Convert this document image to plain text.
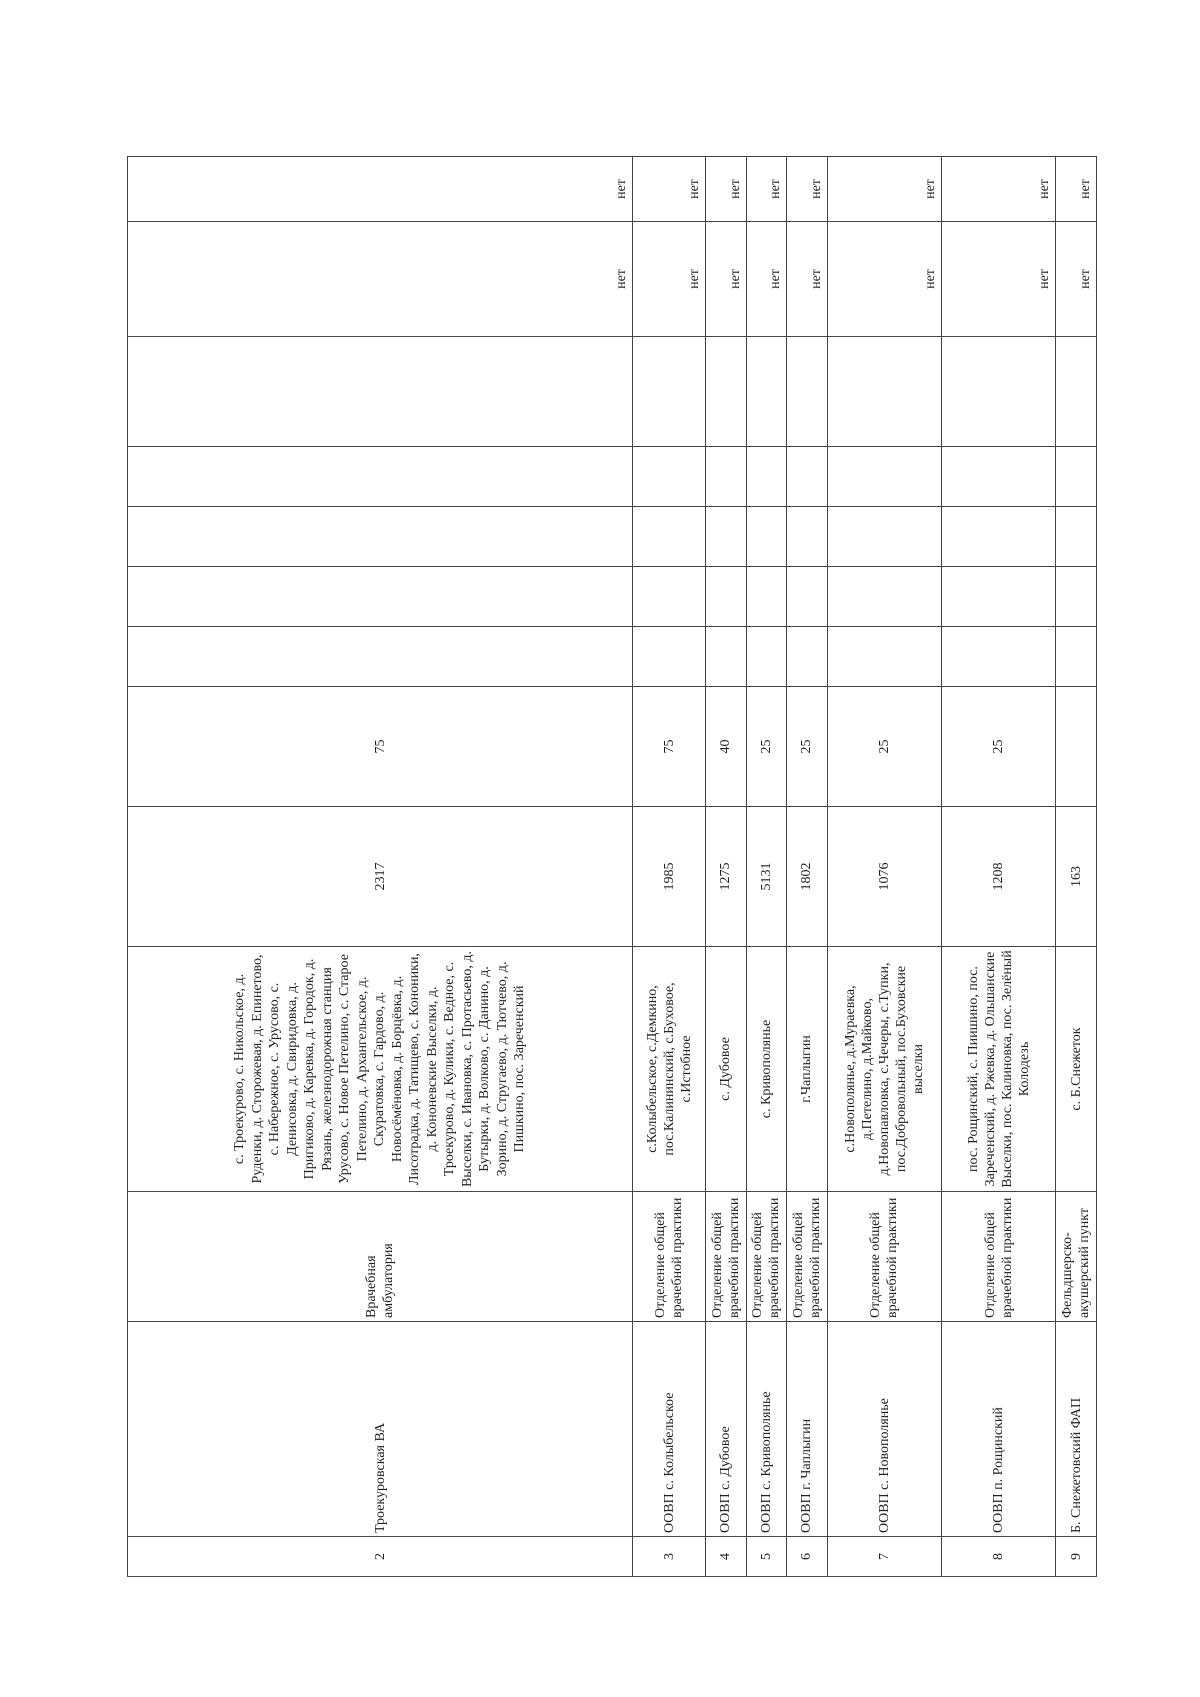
2	Троекуровская ВА	Врачебная амбулатория	с. Троекурово, с. Никольское, д. Руденки, д. Сторожевая, д. Епинетово, с. Набережное, с. Урусово, с. Денисовка, д. Свиридовка, д. Пригиково, д. Каревка, д. Городок, д. Рязань, железнодорожная станция Урусово, с. Новое Петелино, с. Старое Петелино, д. Архангельское, д. Скуратовка, с. Гардово, д. Новосёмёновка, д. Борцёвка, д. Лисотрадка, д. Татищево, с. Кононики, д. Кононевские Выселки, д. Троекурово, д. Кулики, с. Ведное, с. Выселки, с. Ивановка, с. Протасьево, д. Бутырки, д. Волково, с. Данино, д. Зорино, д. Стругаево, д. Тютчево, д. Пишкино, пос. Зареченский	2317	75						нет	нет
3	ООВП с. Колыбельское	Отделение общей врачебной практики	с.Колыбельское, с.Демкино, пос.Калининский, с.Буховое, с.Истобное	1985	75						нет	нет
4	ООВП с. Дубовое	Отделение общей врачебной практики	с. Дубовое	1275	40						нет	нет
5	ООВП с. Кривополянье	Отделение общей врачебной практики	с. Кривополянье	5131	25						нет	нет
6	ООВП г. Чаплыгин	Отделение общей врачебной практики	г.Чаплыгин	1802	25						нет	нет
7	ООВП с. Новополянье	Отделение общей врачебной практики	с.Новополянье, д.Мураевка, д.Петелино, д.Майково, д.Новопавловка, с.Чечеры, с.Тупки, пос.Добровольный, пос.Буховские выселки	1076	25						нет	нет
8	ООВП п. Рощинский	Отделение общей врачебной практики	пос. Рощинский, с. Пиишино, пос. Зареченский, д. Ржевка, д. Ольшанские Выселки, пос. Калиновка, пос. Зелёный Колодезь	1208	25						нет	нет
9	Б. Снежетовский ФАП	Фельдшерско-акушерский пункт	с. Б.Снежеток	163							нет	нет
